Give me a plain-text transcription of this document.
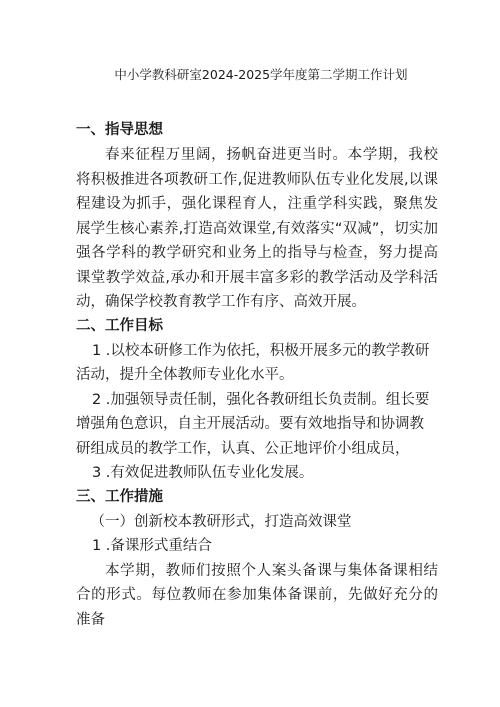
中小学教科研室2024-2025学年度第二学期工作计划
一、指导思想

春来征程万里阔，扬帆奋进更当时。本学期，我校将积极推进各项教研工作,促进教师队伍专业化发展,以课程建设为抓手，强化课程育人，注重学科实践，聚焦发展学生核心素养,打造高效课堂,有效落实“双减”，切实加强各学科的教学研究和业务上的指导与检查，努力提高课堂教学效益,承办和开展丰富多彩的教学活动及学科活动，确保学校教育教学工作有序、高效开展。

二、工作目标

1 .以校本研修工作为依托，积极开展多元的教学教研活动，提升全体教师专业化水平。

2 .加强领导责任制，强化各教研组长负责制。组长要增强角色意识，自主开展活动。要有效地指导和协调教研组成员的教学工作，认真、公正地评价小组成员，

3 .有效促进教师队伍专业化发展。

三、工作措施

（一）创新校本教研形式，打造高效课堂

1 .备课形式重结合

本学期，教师们按照个人案头备课与集体备课相结合的形式。每位教师在参加集体备课前，先做好充分的准备
